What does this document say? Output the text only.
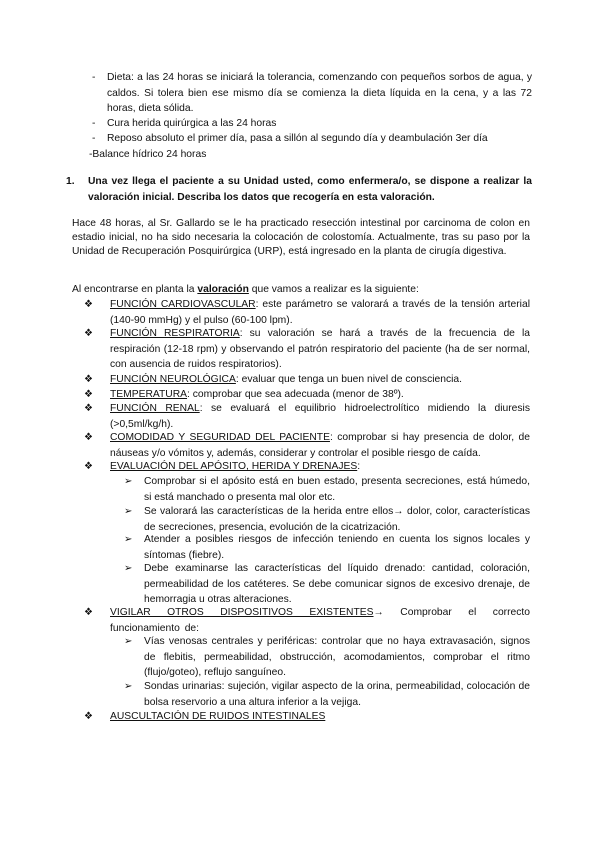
-	Dieta: a las 24 horas se iniciará la tolerancia, comenzando con pequeños sorbos de agua, y caldos. Si tolera bien ese mismo día se comienza la dieta líquida en la cena, y a las 72 horas, dieta sólida.
-	Cura herida quirúrgica a las 24 horas
-	Reposo absoluto el primer día, pasa a sillón al segundo día y deambulación 3er día
-Balance hídrico 24 horas
1.	Una vez llega el paciente a su Unidad usted, como enfermera/o, se dispone a realizar la valoración inicial. Describa los datos que recogería en esta valoración.
Hace 48 horas, al Sr. Gallardo se le ha practicado resección intestinal por carcinoma de colon en estadio inicial, no ha sido necesaria la colocación de colostomía. Actualmente, tras su paso por la Unidad de Recuperación Posquirúrgica (URP), está ingresado en la planta de cirugía digestiva.
Al encontrarse en planta la valoración que vamos a realizar es la siguiente:
❖	FUNCIÓN CARDIOVASCULAR: este parámetro se valorará a través de la tensión arterial (140-90 mmHg) y el pulso (60-100 lpm).
❖	FUNCIÓN RESPIRATORIA: su valoración se hará a través de la frecuencia de la respiración (12-18 rpm) y observando el patrón respiratorio del paciente (ha de ser normal, con ausencia de ruidos respiratorios).
❖	FUNCIÓN NEUROLÓGICA: evaluar que tenga un buen nivel de consciencia.
❖	TEMPERATURA: comprobar que sea adecuada (menor de 38º).
❖	FUNCIÓN RENAL: se evaluará el equilibrio hidroelectrolítico midiendo la diuresis (>0,5ml/kg/h).
❖	COMODIDAD Y SEGURIDAD DEL PACIENTE: comprobar si hay presencia de dolor, de náuseas y/o vómitos y, además, considerar y controlar el posible riesgo de caída.
❖	EVALUACIÓN DEL APÓSITO, HERIDA Y DRENAJES:
➢	Comprobar si el apósito está en buen estado, presenta secreciones, está húmedo, si está manchado o presenta mal olor etc.
➢	Se valorará las características de la herida entre ellos→ dolor, color, características de secreciones, presencia, evolución de la cicatrización.
➢	Atender a posibles riesgos de infección teniendo en cuenta los signos locales y síntomas (fiebre).
➢	Debe examinarse las características del líquido drenado: cantidad, coloración, permeabilidad de los catéteres. Se debe comunicar signos de excesivo drenaje, de hemorragia u otras alteraciones.
❖	VIGILAR OTROS DISPOSITIVOS EXISTENTES→ Comprobar el correcto funcionamiento de:
➢	Vías venosas centrales y periféricas: controlar que no haya extravasación, signos de flebitis, permeabilidad, obstrucción, acomodamientos, comprobar el ritmo (flujo/goteo), reflujo sanguíneo.
➢	Sondas urinarias: sujeción, vigilar aspecto de la orina, permeabilidad, colocación de bolsa reservorio a una altura inferior a la vejiga.
❖	AUSCULTACIÓN DE RUIDOS INTESTINALES
